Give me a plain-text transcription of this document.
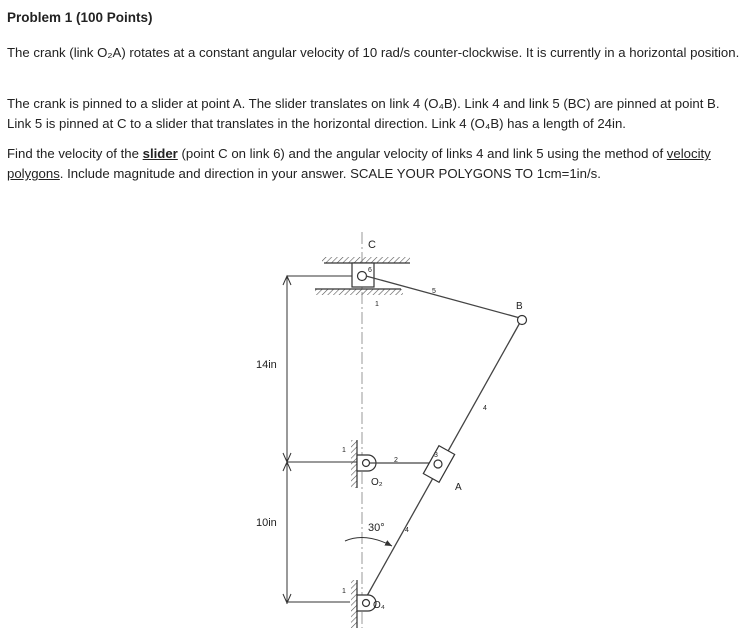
Problem 1 (100 Points)
The crank (link O₂A) rotates at a constant angular velocity of 10 rad/s counter-clockwise. It is currently in a horizontal position.
The crank is pinned to a slider at point A. The slider translates on link 4 (O₄B). Link 4 and link 5 (BC) are pinned at point B. Link 5 is pinned at C to a slider that translates in the horizontal direction. Link 4 (O₄B) has a length of 24in.
Find the velocity of the slider (point C on link 6) and the angular velocity of links 4 and link 5 using the method of velocity polygons. Include magnitude and direction in your answer. SCALE YOUR POLYGONS TO 1cm=1in/s.
14in
10in
C
6
1
5
B
4
4
1
O₂
2
3
A
30°
1
O₄
